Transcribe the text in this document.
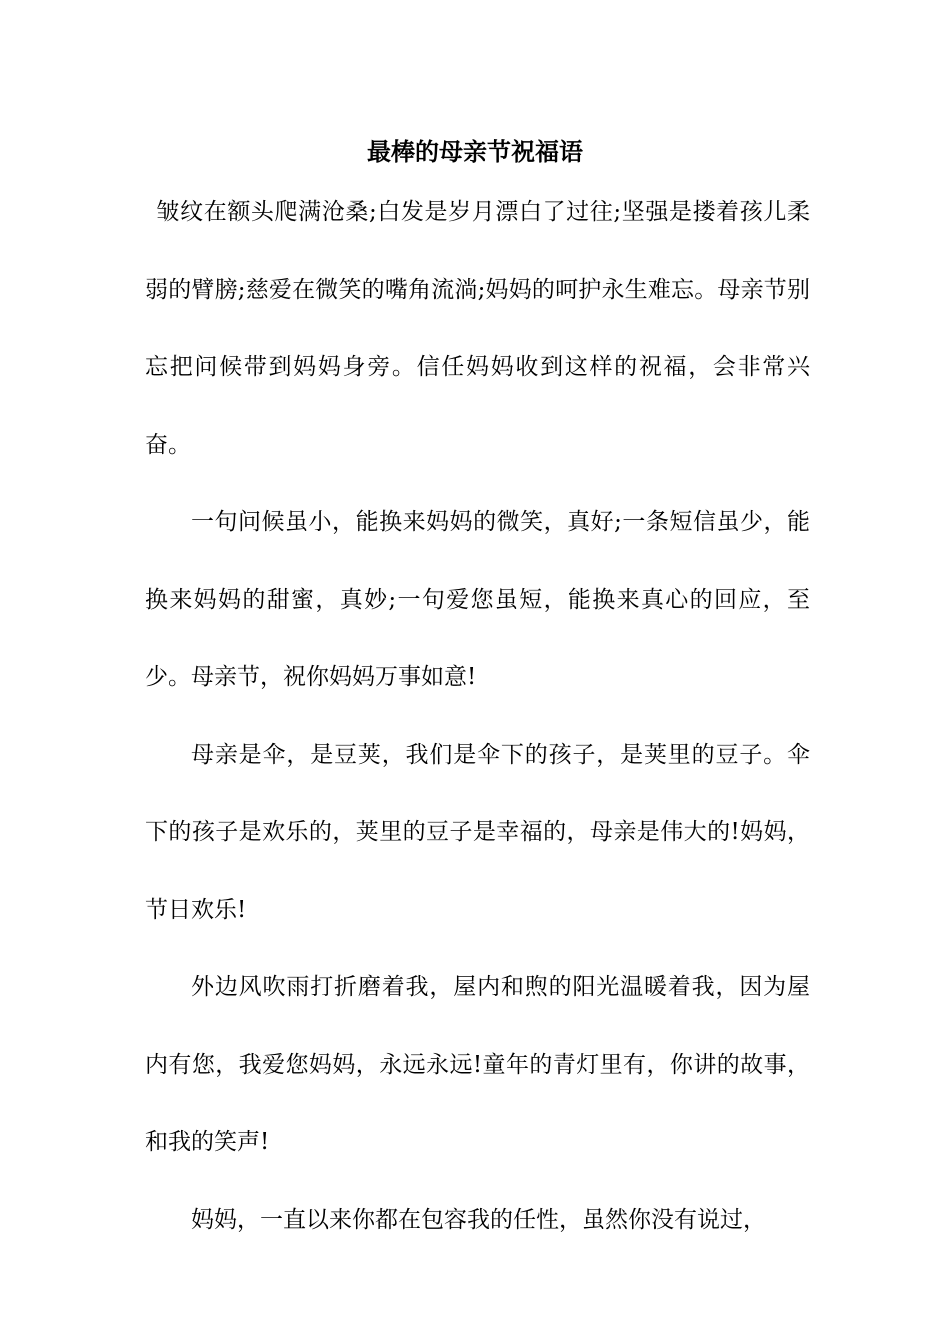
最棒的母亲节祝福语

皱纹在额头爬满沧桑;白发是岁月漂白了过往;坚强是搂着孩儿柔弱的臂膀;慈爱在微笑的嘴角流淌;妈妈的呵护永生难忘。母亲节别忘把问候带到妈妈身旁。信任妈妈收到这样的祝福，会非常兴奋。

一句问候虽小，能换来妈妈的微笑，真好;一条短信虽少，能换来妈妈的甜蜜，真妙;一句爱您虽短，能换来真心的回应，至少。母亲节，祝你妈妈万事如意!

母亲是伞，是豆荚，我们是伞下的孩子，是荚里的豆子。伞下的孩子是欢乐的，荚里的豆子是幸福的，母亲是伟大的!妈妈，节日欢乐!

外边风吹雨打折磨着我，屋内和煦的阳光温暖着我，因为屋内有您，我爱您妈妈，永远永远!童年的青灯里有，你讲的故事，和我的笑声!

妈妈，一直以来你都在包容我的任性，虽然你没有说过，
